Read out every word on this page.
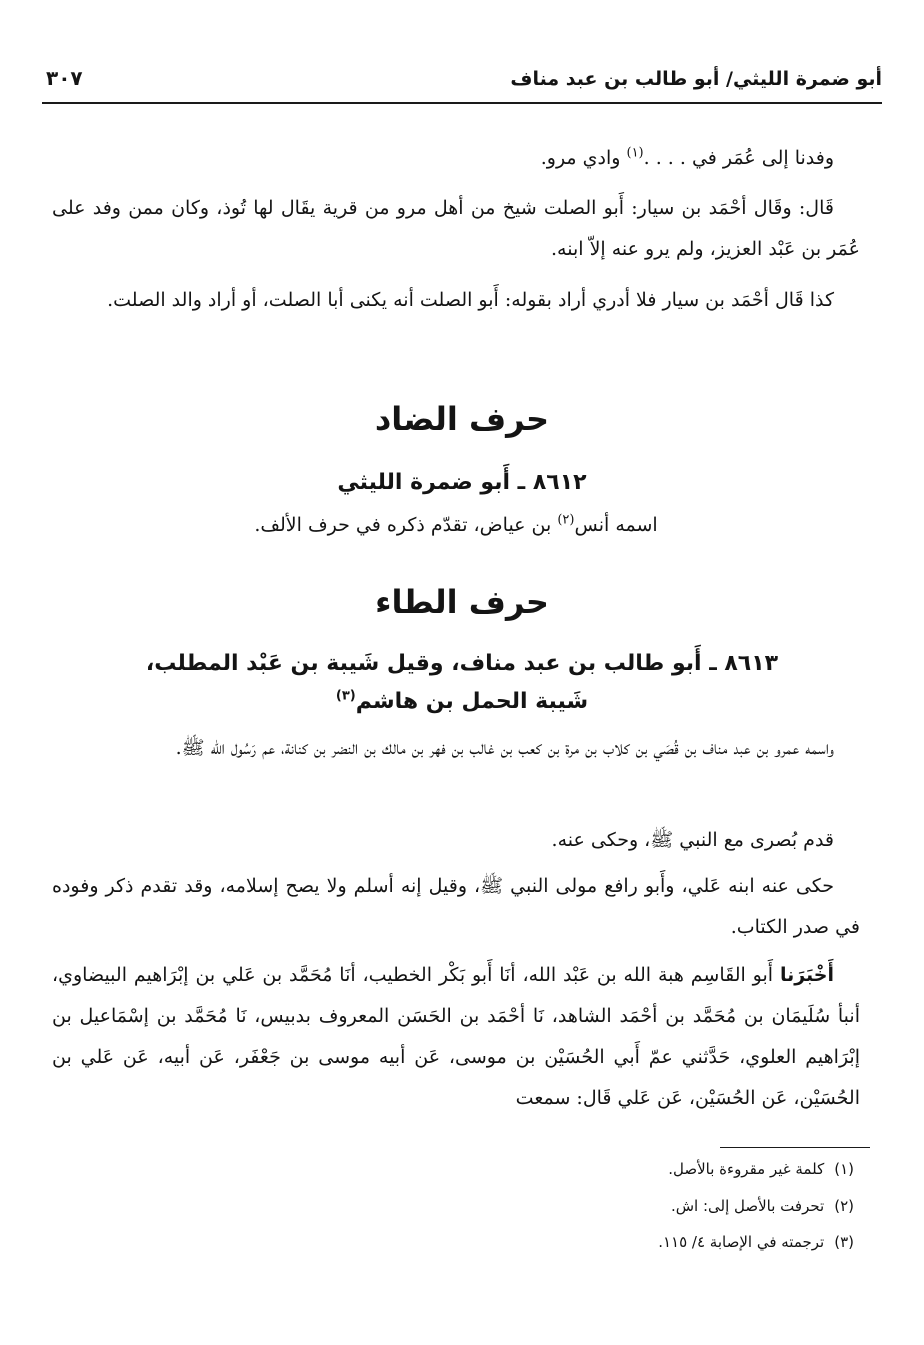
أبو ضمرة الليثي/ أبو طالب بن عبد مناف
٣٠٧

وفدنا إلى عُمَر في . . . .$^{(١)}$ وادي مرو.

قَال: وقَال أحْمَد بن سيار: أَبو الصلت شيخ من أهل مرو من قرية يقَال لها تُوذ، وكان ممن وفد على عُمَر بن عَبْد العزيز، ولم يرو عنه إلاّ ابنه.

كذا قَال أحْمَد بن سيار فلا أدري أراد بقوله: أَبو الصلت أنه يكنى أبا الصلت، أو أراد والد الصلت.

حرف الضاد
٨٦١٢ ـ أَبو ضمرة الليثي

اسمه أنس$^{(٢)}$ بن عياض، تقدّم ذكره في حرف الألف.

حرف الطاء
٨٦١٣ ـ أَبو طالب بن عبد مناف، وقيل شَيبة بن عَبْد المطلب،
شَيبة الحمل بن هاشم$^{(٣)}$

واسمه عمرو بن عبد مناف بن قُصَي بن كلاب بن مرة بن كعب بن غالب بن فهر بن مالك بن النضر بن كنانة، عم رَسُول الله ﷺ.

قدم بُصرى مع النبي ﷺ، وحكى عنه.

حكى عنه ابنه عَلي، وأَبو رافع مولى النبي ﷺ، وقيل إنه أسلم ولا يصح إسلامه، وقد تقدم ذكر وفوده في صدر الكتاب.

أَخْبَرَنا أَبو القَاسِم هبة الله بن عَبْد الله، أنَا أَبو بَكْر الخطيب، أنَا مُحَمَّد بن عَلي بن إبْرَاهيم البيضاوي، أنبأ سُلَيمَان بن مُحَمَّد بن أحْمَد الشاهد، نَا أحْمَد بن الحَسَن المعروف بدبيس، نَا مُحَمَّد بن إسْمَاعيل بن إبْرَاهيم العلوي، حَدَّثني عمّ أَبي الحُسَيْن بن موسى، عَن أبيه موسى بن جَعْفَر، عَن أبيه، عَن عَلي بن الحُسَيْن، عَن الحُسَيْن، عَن عَلي قَال: سمعت

(١)كلمة غير مقروءة بالأصل.
(٢)تحرفت بالأصل إلى: اش.
(٣)ترجمته في الإصابة ٤/ ١١٥.
